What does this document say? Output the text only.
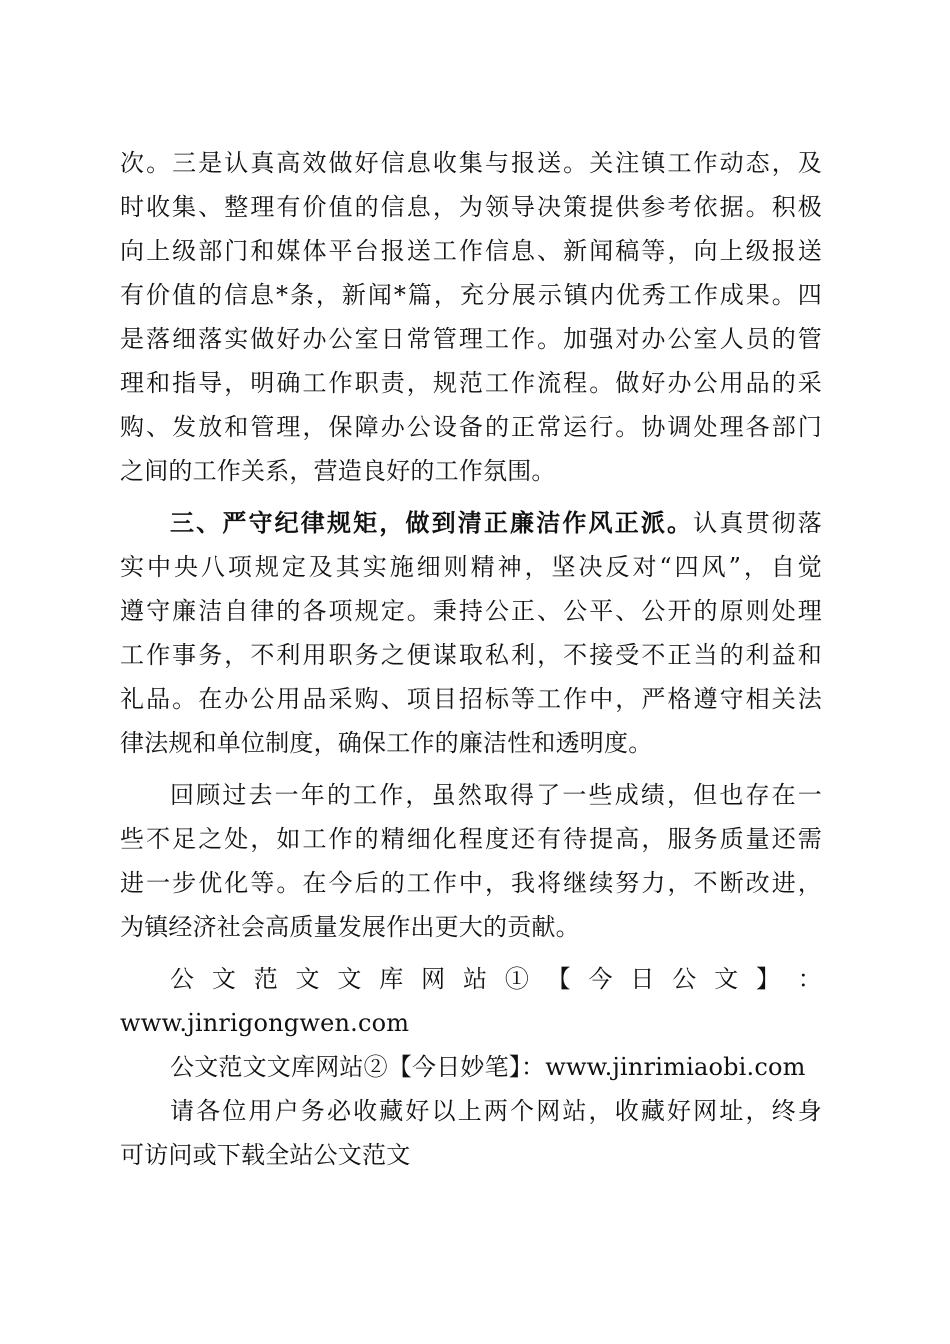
次。三是认真高效做好信息收集与报送。关注镇工作动态，及
时收集、整理有价值的信息，为领导决策提供参考依据。积极
向上级部门和媒体平台报送工作信息、新闻稿等，向上级报送
有价值的信息*条，新闻*篇，充分展示镇内优秀工作成果。四
是落细落实做好办公室日常管理工作。加强对办公室人员的管
理和指导，明确工作职责，规范工作流程。做好办公用品的采
购、发放和管理，保障办公设备的正常运行。协调处理各部门
之间的工作关系，营造良好的工作氛围。
三、严守纪律规矩，做到清正廉洁作风正派。认真贯彻落
实中央八项规定及其实施细则精神，坚决反对“四风”，自觉
遵守廉洁自律的各项规定。秉持公正、公平、公开的原则处理
工作事务，不利用职务之便谋取私利，不接受不正当的利益和
礼品。在办公用品采购、项目招标等工作中，严格遵守相关法
律法规和单位制度，确保工作的廉洁性和透明度。
回顾过去一年的工作，虽然取得了一些成绩，但也存在一
些不足之处，如工作的精细化程度还有待提高，服务质量还需
进一步优化等。在今后的工作中，我将继续努力，不断改进，
为镇经济社会高质量发展作出更大的贡献。
公 文 范 文 文 库 网 站 ① 【 今 日 公 文 】 ：
www.jinrigongwen.com
公文范文文库网站②【今日妙笔】：www.jinrimiaobi.com
请各位用户务必收藏好以上两个网站，收藏好网址，终身
可访问或下载全站公文范文
